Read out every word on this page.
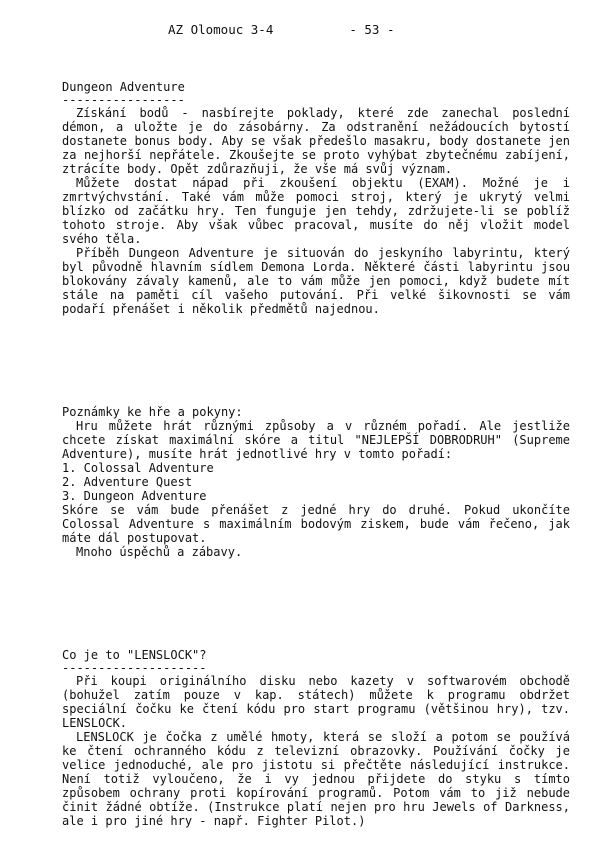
AZ Olomouc 3-4	- 53 -
Dungeon Adventure
-----------------

Získání bodů - nasbírejte poklady, které zde zanechal poslední démon, a uložte je do zásobárny. Za odstranění nežádoucích bytostí dostanete bonus body. Aby se však předešlo masakru, body dostanete jen za nejhorší nepřátele. Zkoušejte se proto vyhýbat zbytečnému zabíjení, ztrácíte body. Opět zdůrazňuji, že vše má svůj význam.

Můžete dostat nápad při zkoušení objektu (EXAM). Možné je i zmrtvýchvstání. Také vám může pomoci stroj, který je ukrytý velmi blízko od začátku hry. Ten funguje jen tehdy, zdržujete-li se poblíž tohoto stroje. Aby však vůbec pracoval, musíte do něj vložit model svého těla.

Příběh Dungeon Adventure je situován do jeskyního labyrintu, který byl původně hlavním sídlem Demona Lorda. Některé části labyrintu jsou blokovány závaly kamenů, ale to vám může jen pomoci, když budete mít stále na paměti cíl vašeho putování. Při velké šikovnosti se vám podaří přenášet i několik předmětů najednou.

Poznámky ke hře a pokyny:

Hru můžete hrát různými způsoby a v různém pořadí. Ale jestliže chcete získat maximální skóre a titul "NEJLEPŠÍ DOBRODRUH" (Supreme Adventure), musíte hrát jednotlivé hry v tomto pořadí:

1. Colossal Adventure
2. Adventure Quest
3. Dungeon Adventure

Skóre se vám bude přenášet z jedné hry do druhé. Pokud ukončíte Colossal Adventure s maximálním bodovým ziskem, bude vám řečeno, jak máte dál postupovat.

Mnoho úspěchů a zábavy.

Co je to "LENSLOCK"?
--------------------

Při koupi originálního disku nebo kazety v softwarovém obchodě (bohužel zatím pouze v kap. státech) můžete k programu obdržet speciální čočku ke čtení kódu pro start programu (většinou hry), tzv. LENSLOCK.

LENSLOCK je čočka z umělé hmoty, která se složí a potom se používá ke čtení ochranného kódu z televizní obrazovky. Používání čočky je velice jednoduché, ale pro jistotu si přečtěte následující instrukce. Není totiž vyloučeno, že i vy jednou přijdete do styku s tímto způsobem ochrany proti kopírování programů. Potom vám to již nebude činit žádné obtíže. (Instrukce platí nejen pro hru Jewels of Darkness, ale i pro jiné hry - např. Fighter Pilot.)
